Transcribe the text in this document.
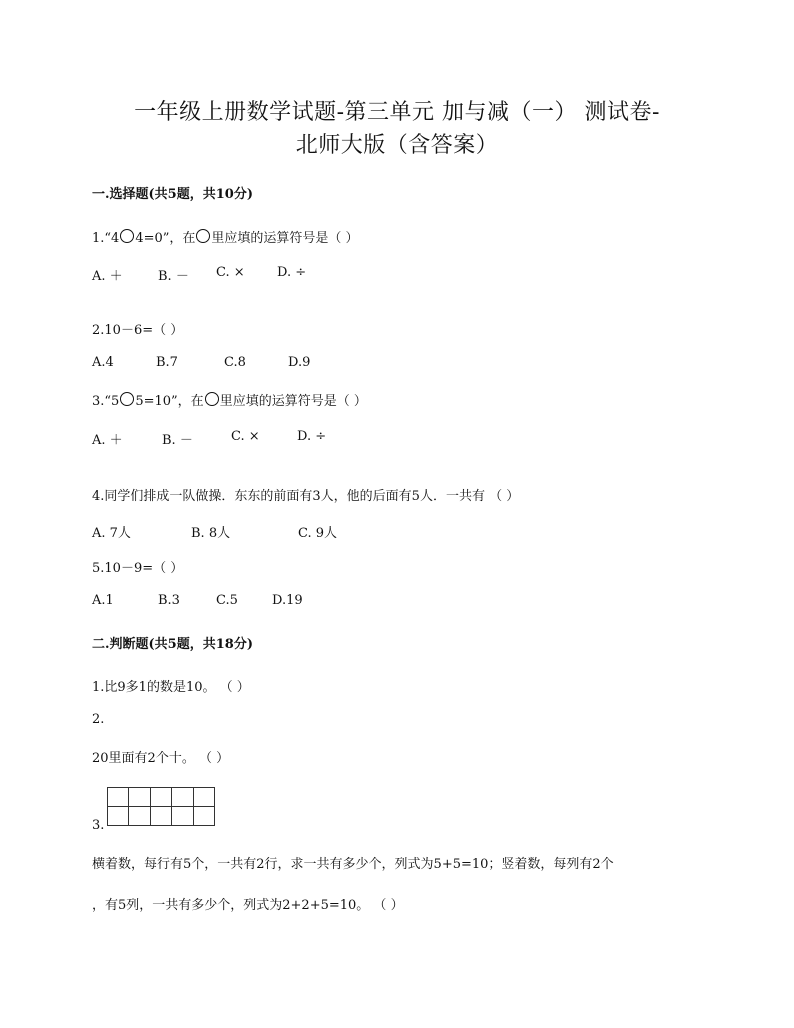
一年级上册数学试题-第三单元 加与减（一） 测试卷-
北师大版（含答案）
一.选择题(共5题，共10分)
1.“4 4=0”，在 里应填的运算符号是（ ）
A. ＋	B. － C. × D. ÷
2.10－6=（ ）
A.4	B.7	C.8	D.9
3.“5 5=10”，在 里应填的运算符号是（ ）
A. ＋	B. －	C. ×	D. ÷
4.同学们排成一队做操．东东的前面有3人，他的后面有5人．一共有 （ ）
A. 7人	B. 8人	C. 9人
5.10－9=（ ）
A.1	B.3	C.5	D.19
二.判断题(共5题，共18分)
1.比9多1的数是10。 （ ）
2.
20里面有2个十。 （ ）

3.
横着数，每行有5个，一共有2行，求一共有多少个，列式为5+5=10；竖着数，每列有2个
，有5列，一共有多少个，列式为2+2+5=10。 （ ）
